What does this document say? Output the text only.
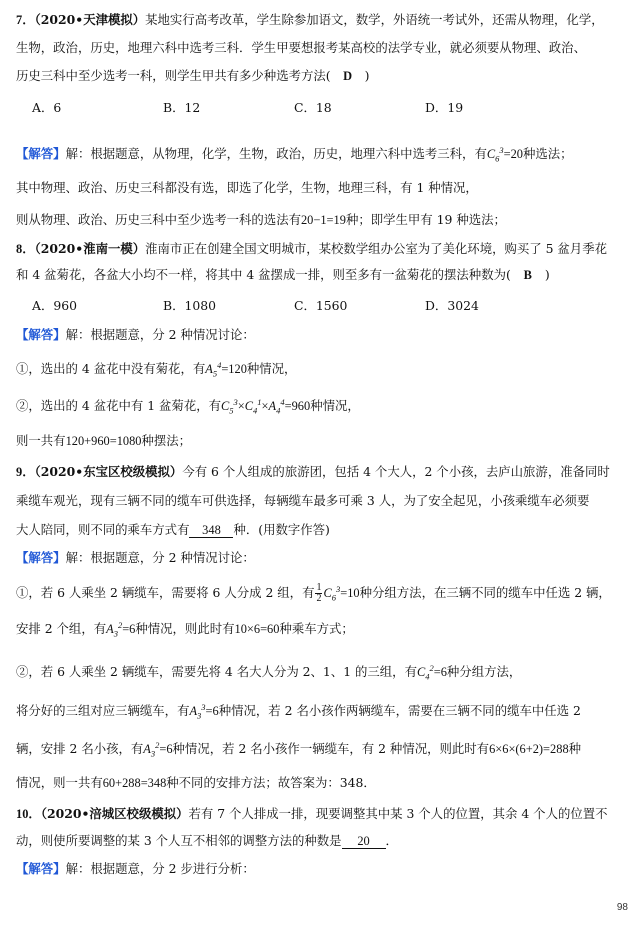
7．（2020•天津模拟）某地实行高考改革，学生除参加语文，数学，外语统一考试外，还需从物理，化学，
生物，政治，历史，地理六科中选考三科．学生甲要想报考某高校的法学专业，就必须要从物理、政治、
历史三科中至少选考一科，则学生甲共有多少种选考方法( D )
A．6	B．12	C．18	D．19
【解答】解：根据题意，从物理，化学，生物，政治，历史，地理六科中选考三科，有$C_6^3=20$种选法；
其中物理、政治、历史三科都没有选，即选了化学，生物，地理三科，有 1 种情况，
则从物理、政治、历史三科中至少选考一科的选法有20−1=19种；即学生甲有 19 种选法；
8．（2020•淮南一模）淮南市正在创建全国文明城市，某校数学组办公室为了美化环境，购买了 5 盆月季花
和 4 盆菊花，各盆大小均不一样，将其中 4 盆摆成一排，则至多有一盆菊花的摆法种数为( B )
A．960	B．1080	C．1560	D．3024
【解答】解：根据题意，分 2 种情况讨论：
①，选出的 4 盆花中没有菊花，有$A_5^4=120$种情况，
②，选出的 4 盆花中有 1 盆菊花，有$C_5^3\times C_4^1\times A_4^4=960$种情况，
则一共有120+960=1080种摆法；
9．（2020•东宝区校级模拟）今有 6 个人组成的旅游团，包括 4 个大人，2 个小孩，去庐山旅游，准备同时
乘缆车观光，现有三辆不同的缆车可供选择，每辆缆车最多可乘 3 人，为了安全起见，小孩乘缆车必须要
大人陪同，则不同的乘车方式有 348 种．(用数字作答)
【解答】解：根据题意，分 2 种情况讨论：
①，若 6 人乘坐 2 辆缆车，需要将 6 人分成 2 组，有 $\frac{1}{2} C_6^3=10$种分组方法，在三辆不同的缆车中任选 2 辆，
安排 2 个组，有$A_3^2=6$种情况，则此时有10×6=60种乘车方式；
②，若 6 人乘坐 2 辆缆车，需要先将 4 名大人分为 2、1、1 的三组，有$C_4^2=6$种分组方法，
将分好的三组对应三辆缆车，有$A_3^3=6$种情况，若 2 名小孩作两辆缆车，需要在三辆不同的缆车中任选 2
辆，安排 2 名小孩，有$A_3^2=6$种情况，若 2 名小孩作一辆缆车，有 2 种情况，则此时有6×6×(6+2)=288种
情况，则一共有60+288=348种不同的安排方法；故答案为：348．
10．（2020•涪城区校级模拟）若有 7 个人排成一排，现要调整其中某 3 个人的位置，其余 4 个人的位置不
动，则使所要调整的某 3 个人互不相邻的调整方法的种数是 20 ．
【解答】解：根据题意，分 2 步进行分析：
98
